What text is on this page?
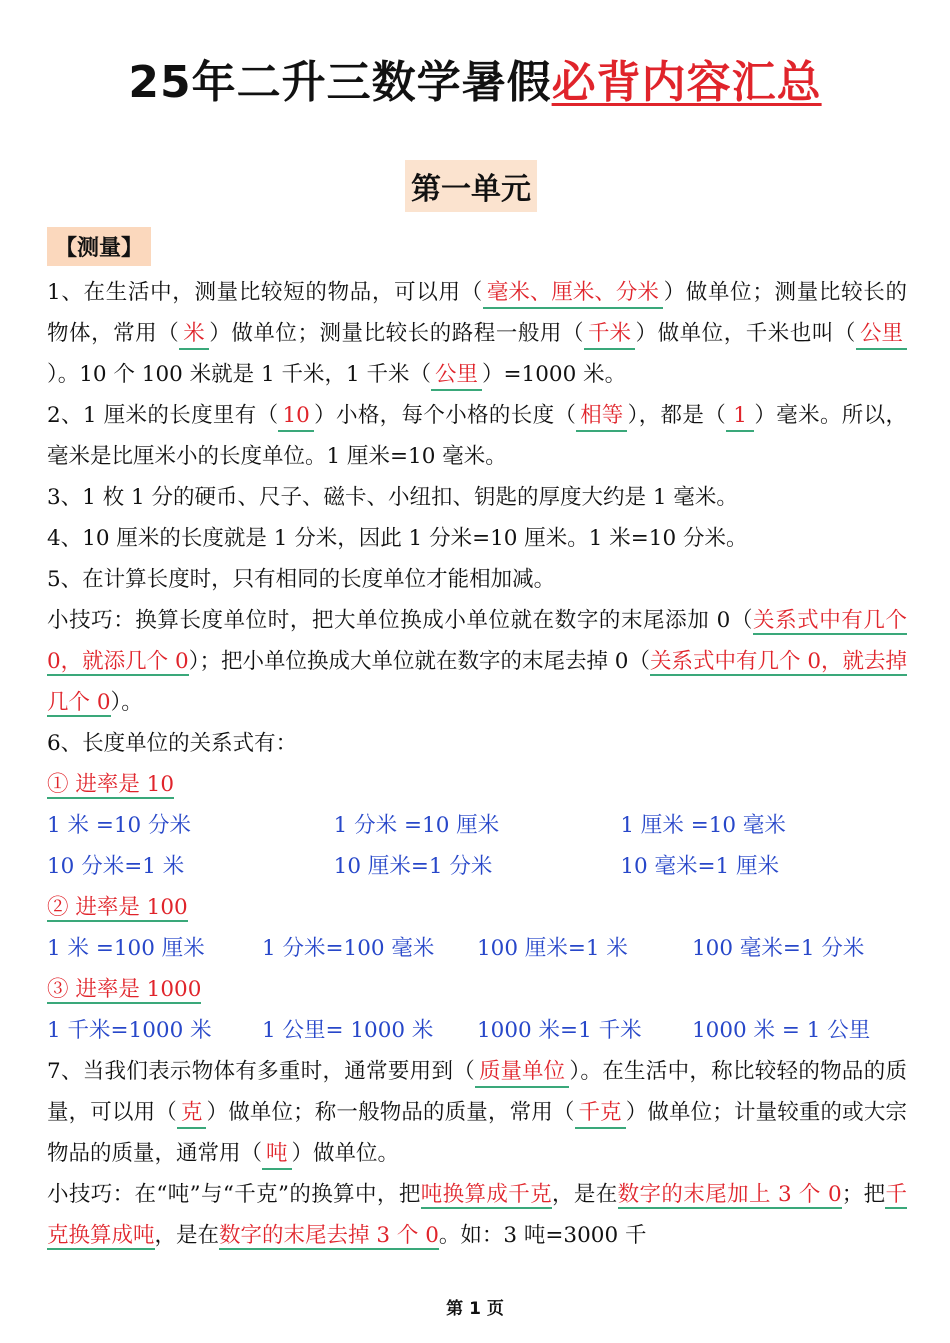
25年二升三数学暑假必背内容汇总
第一单元
【测量】

1、在生活中，测量比较短的物品，可以用（ 毫米、厘米、分米 ）做单位；测量比较长的物体，常用（ 米 ）做单位；测量比较长的路程一般用（ 千米 ）做单位，千米也叫（ 公里）。10 个 100 米就是 1 千米，1 千米（ 公里 ）=1000 米。

2、1 厘米的长度里有（ 10 ）小格，每个小格的长度（ 相等 ），都是（ 1 ）毫米。所以，毫米是比厘米小的长度单位。1 厘米=10 毫米。

3、1 枚 1 分的硬币、尺子、磁卡、小纽扣、钥匙的厚度大约是 1 毫米。

4、10 厘米的长度就是 1 分米，因此 1 分米=10 厘米。1 米=10 分米。

5、在计算长度时，只有相同的长度单位才能相加减。

小技巧：换算长度单位时，把大单位换成小单位就在数字的末尾添加 0（关系式中有几个 0，就添几个 0）；把小单位换成大单位就在数字的末尾去掉 0（关系式中有几个 0，就去掉几个 0）。

6、长度单位的关系式有：

① 进率是 10

1 米 =10 分米	1 分米 =10 厘米	1 厘米 =10 毫米
10 分米=1 米	10 厘米=1 分米	10 毫米=1 厘米

② 进率是 100

1 米 =100 厘米	1 分米=100 毫米	100 厘米=1 米	100 毫米=1 分米

③ 进率是 1000

1 千米=1000 米	1 公里= 1000 米	1000 米=1 千米	1000 米 = 1 公里

7、当我们表示物体有多重时，通常要用到（ 质量单位 ）。在生活中，称比较轻的物品的质量，可以用（ 克 ）做单位；称一般物品的质量，常用（ 千克 ）做单位；计量较重的或大宗物品的质量，通常用（ 吨 ）做单位。

小技巧：在“吨”与“千克”的换算中，把吨换算成千克，是在数字的末尾加上 3 个 0；把千克换算成吨，是在数字的末尾去掉 3 个 0。如：3 吨=3000 千

第 1 页
